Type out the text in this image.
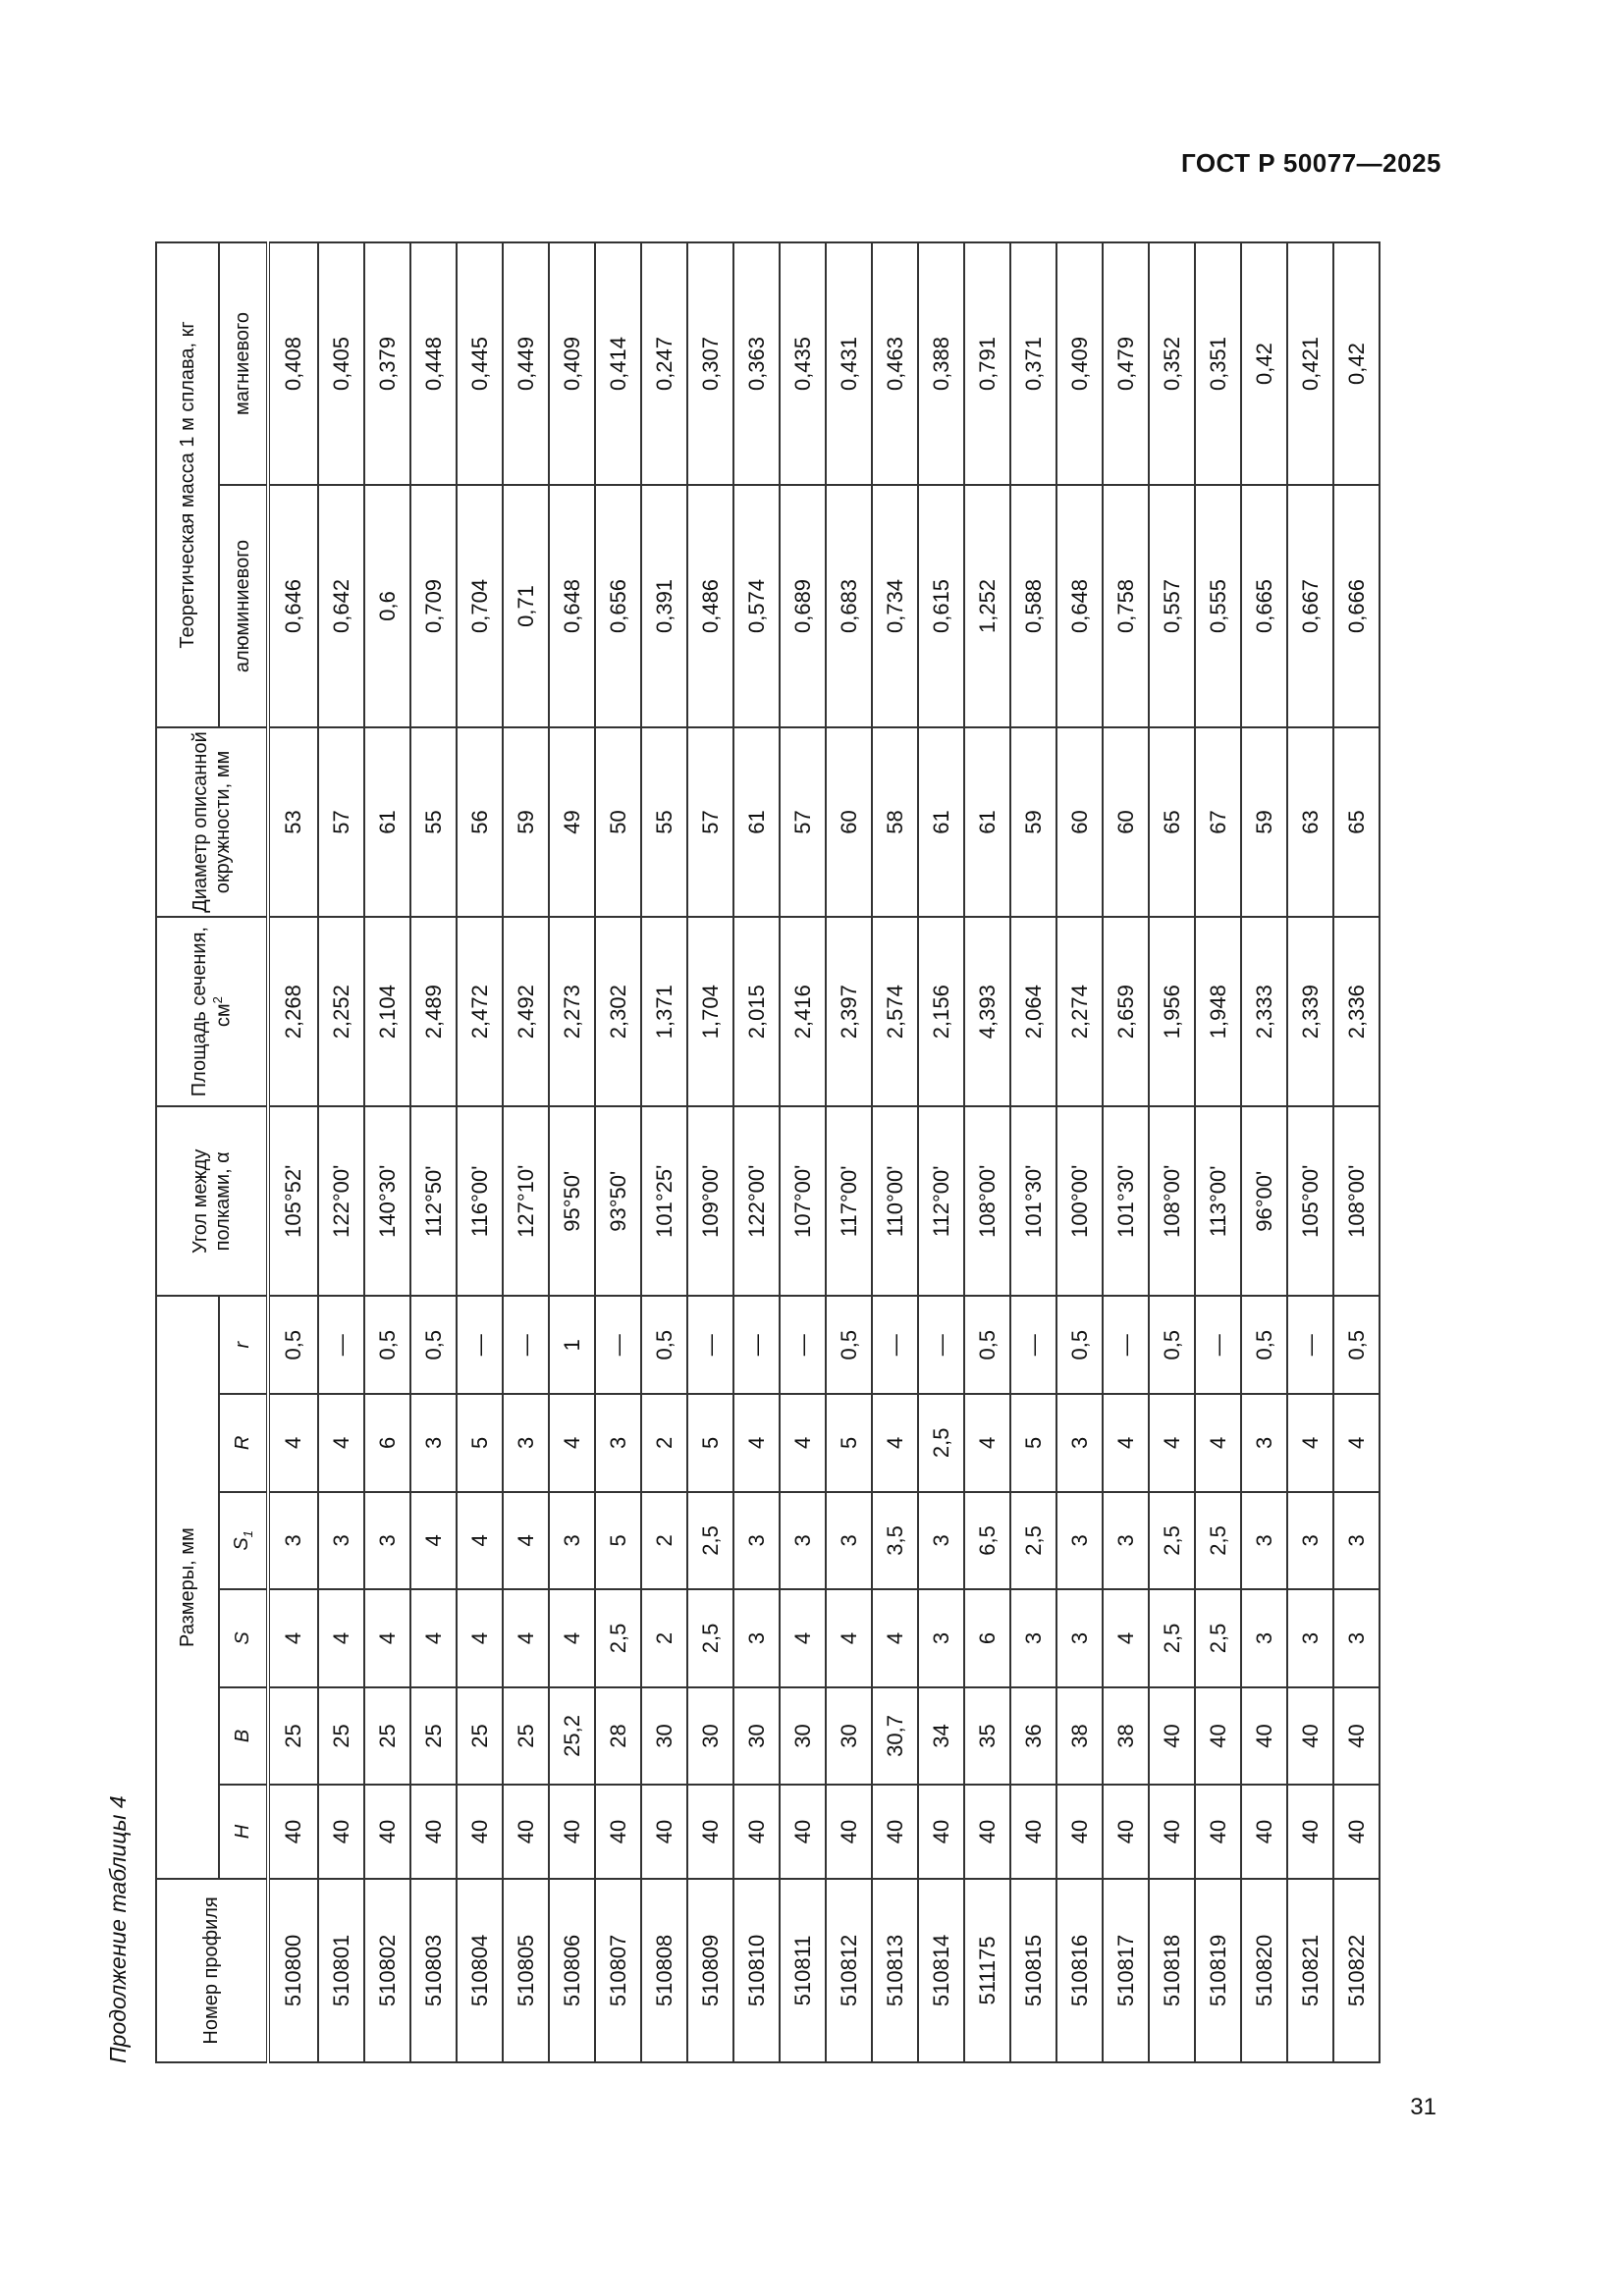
ГОСТ Р 50077—2025
Продолжение таблицы 4	Номер профиля	Размеры, мм						Угол между полками, α	Площадь сечения, $см^2$	Диаметр описанной окружности, мм	Теоретическая масса 1 м сплава, кг	
	H	B	S	$S_1$	R	r				алюминиевого	магниевого
510800	40	25	4	3	4	0,5	105°52'	2,268	53	0,646	0,408
510801	40	25	4	3	4	—	122°00'	2,252	57	0,642	0,405
510802	40	25	4	3	6	0,5	140°30'	2,104	61	0,6	0,379
510803	40	25	4	4	3	0,5	112°50'	2,489	55	0,709	0,448
510804	40	25	4	4	5	—	116°00'	2,472	56	0,704	0,445
510805	40	25	4	4	3	—	127°10'	2,492	59	0,71	0,449
510806	40	25,2	4	3	4	1	95°50'	2,273	49	0,648	0,409
510807	40	28	2,5	5	3	—	93°50'	2,302	50	0,656	0,414
510808	40	30	2	2	2	0,5	101°25'	1,371	55	0,391	0,247
510809	40	30	2,5	2,5	5	—	109°00'	1,704	57	0,486	0,307
510810	40	30	3	3	4	—	122°00'	2,015	61	0,574	0,363
510811	40	30	4	3	4	—	107°00'	2,416	57	0,689	0,435
510812	40	30	4	3	5	0,5	117°00'	2,397	60	0,683	0,431
510813	40	30,7	4	3,5	4	—	110°00'	2,574	58	0,734	0,463
510814	40	34	3	3	2,5	—	112°00'	2,156	61	0,615	0,388
511175	40	35	6	6,5	4	0,5	108°00'	4,393	61	1,252	0,791
510815	40	36	3	2,5	5	—	101°30'	2,064	59	0,588	0,371
510816	40	38	3	3	3	0,5	100°00'	2,274	60	0,648	0,409
510817	40	38	4	3	4	—	101°30'	2,659	60	0,758	0,479
510818	40	40	2,5	2,5	4	0,5	108°00'	1,956	65	0,557	0,352
510819	40	40	2,5	2,5	4	—	113°00'	1,948	67	0,555	0,351
510820	40	40	3	3	3	0,5	96°00'	2,333	59	0,665	0,42
510821	40	40	3	3	4	—	105°00'	2,339	63	0,667	0,421
510822	40	40	3	3	4	0,5	108°00'	2,336	65	0,666	0,42
31
